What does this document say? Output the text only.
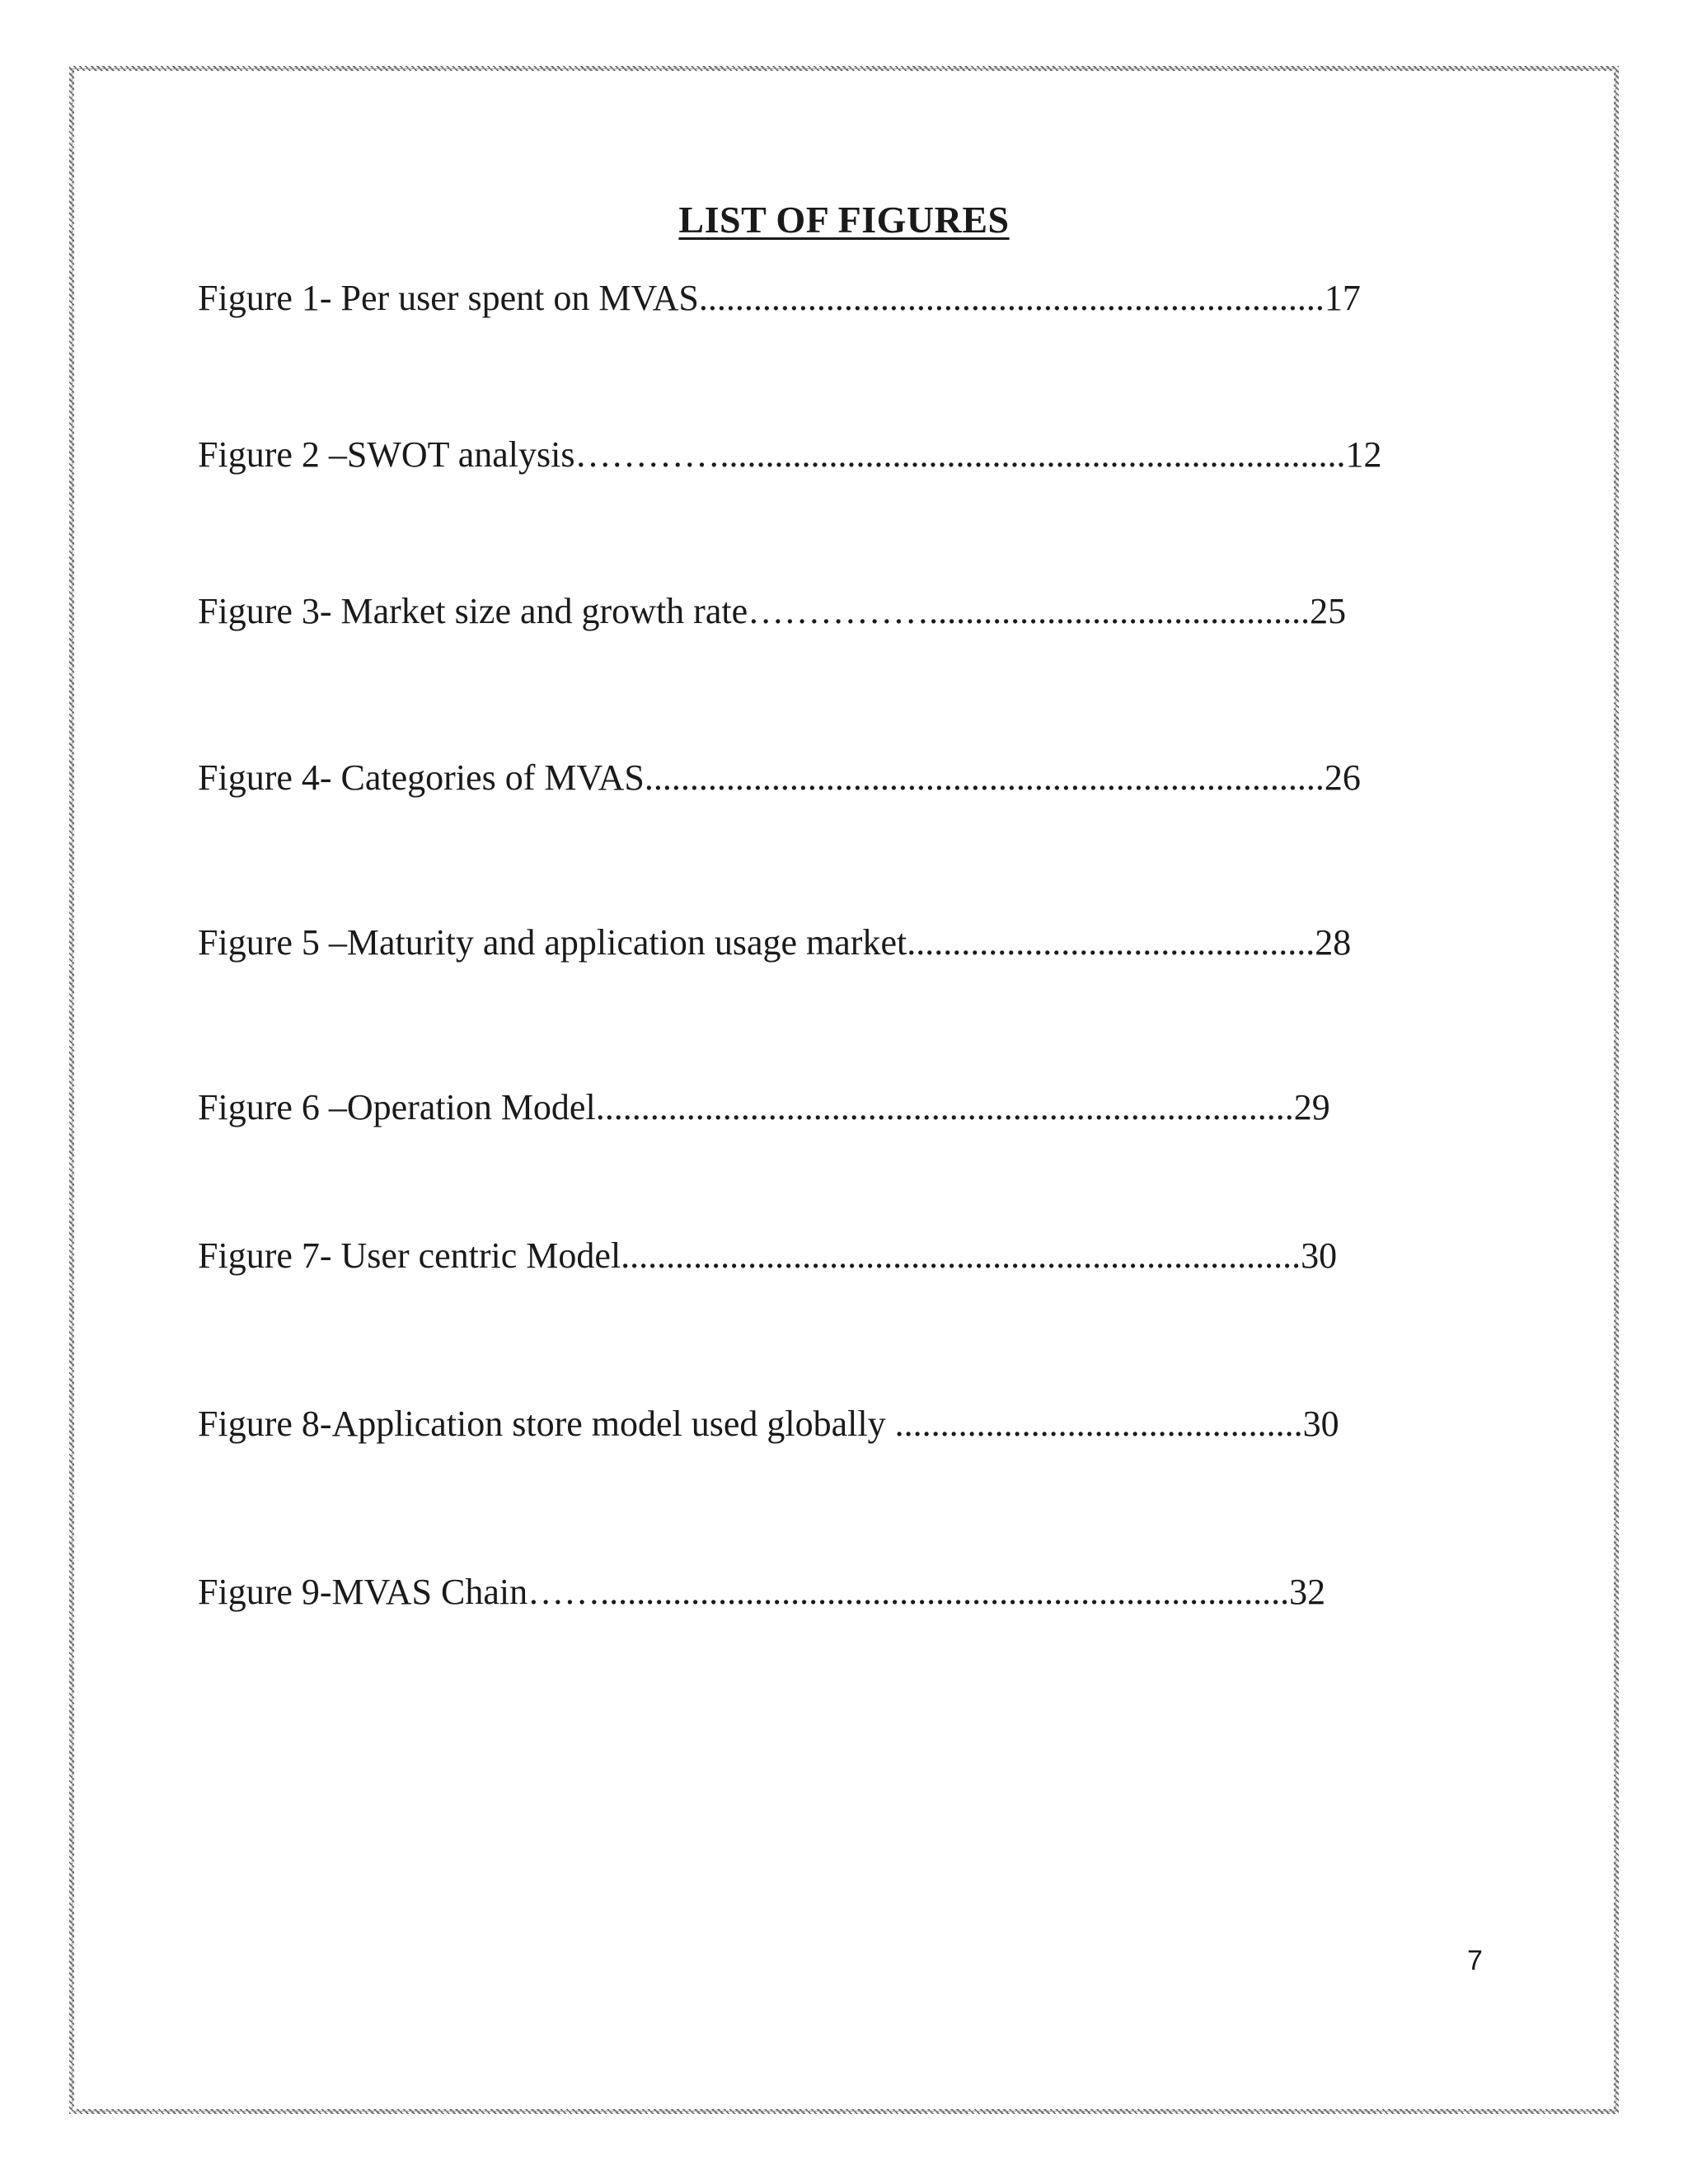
LIST OF FIGURES
Figure 1- Per user spent on MVAS.....................................................................17
Figure 2 –SWOT analysis………….....................................................................12
Figure 3- Market size and growth rate……………..........................................25
Figure 4- Categories of MVAS...........................................................................26
Figure 5 –Maturity and application usage market.............................................28
Figure 6 –Operation Model.............................................................................29
Figure 7- User centric Model...........................................................................30
Figure 8-Application store model used globally .............................................30
Figure 9-MVAS Chain……............................................................................32
7
